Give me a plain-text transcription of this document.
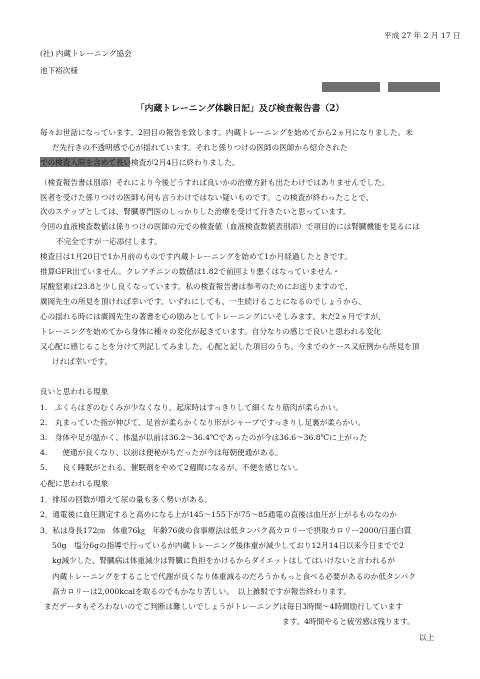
平成 27 年 2 月 17 日
(社) 内蔵トレーニング協会
池下裕次様
「内蔵トレーニング体験日記」及び検査報告書（2）
毎々お世話になっています。2回目の報告を致します。内蔵トレーニングを始めてから2ヵ月になりました。未
だ先行きの不透明感で心が揺れています。それと係りつけの医師の医師から紹介された
での検査入院を含めて長い検査が2月4日に終わりました。
（検査報告書は別添）それにより今後どうすれば良いかの治療方針も出たわけではありませんでした。
医者を受けた係りつけの医師も何も言うわけではない疑いものです。この検査が終わったことで、
次のステップとしては、腎臓専門医のしっかりした治療を受けて行きたいと思っています。
今回の血液検査数値は係りつけの医師の元での検査値（血液検査数値表別添）で項目的には腎臓機能を見るには
不完全ですが一応添付します。
検査日は1月20日で1か月前のものです内蔵トレーニングを始めて1か月経過したときです。
推算GFR出ていません。クレアチニンの数値は1.82で前回より悪くはなっていません・
尿酸窒素は23.8と少し良くなっています。私の検査報告書は参考のためにお送りますので、
廣岡先生の所見を頂ければ幸いです。いずれにしても、一生続けることになるのでしょうから、
心の揺れる時には廣岡先生の著書を心の励みとしてトレーニングにいそしみます。未だ2ヵ月ですが、
トレーニングを始めてから身体に種々の変化が起きています。自分なりの感じで良いと思われる変化
又心配に感じることを分けて列記してみました。心配と記した項目のうち、今までのケース又症例から所見を頂
ければ幸いです。
良いと思われる現象
1.　ふくらはぎのむくみが少なくなり、起床時はすっきりして細くなり筋肉が柔らかい。
2.　丸まっていた指が伸びて、足首が柔らかくなり形がシャープですっきりし足裏が柔らかい。
3.　身体や足が温かく、体温が以前は36.2～36.4℃であったのが今は36.6～36.8℃に上がった
4.　　便通が良くなり、以前は便秘がちだったが今は毎朝便通がある。
5.　　良く睡眠がとれる、催眠剤をやめて2週間になるが、不便を感じない。
心配に思われる現象
1．排尿の回数が増えて尿の量も多く勢いがある。
2．通電後に血圧測定すると高めになる上が145～155下が75～85通電の直後は血圧が上がるものなのか
3．私は身長172㎝　体重76㎏　年齢76歳の食事療法は低タンパク高カロリーで摂取カロリー2000/日蛋白質
50g　塩分6gの指導で行っているが内蔵トレーニング後体重が減少しており12月14日以来今日までで2
kg減少した、腎臓病は体重減少は腎臓に負担をかけるからダイエットはしてはいけないと言われるが
内蔵トレーニングをすることで代謝が良くなり体重減るのだろうかもっと食べる必要があるのか低タンパク
高カロリーは2,000kcalを取るのでもかなり苦しい。　以上雑駁ですが報告終わります。
まだデータもそろわないのでご判断は難しいでしょうがトレーニングは毎日3時間～4時間励行しています
ます。4時間やると疲労感は残ります。
以上
